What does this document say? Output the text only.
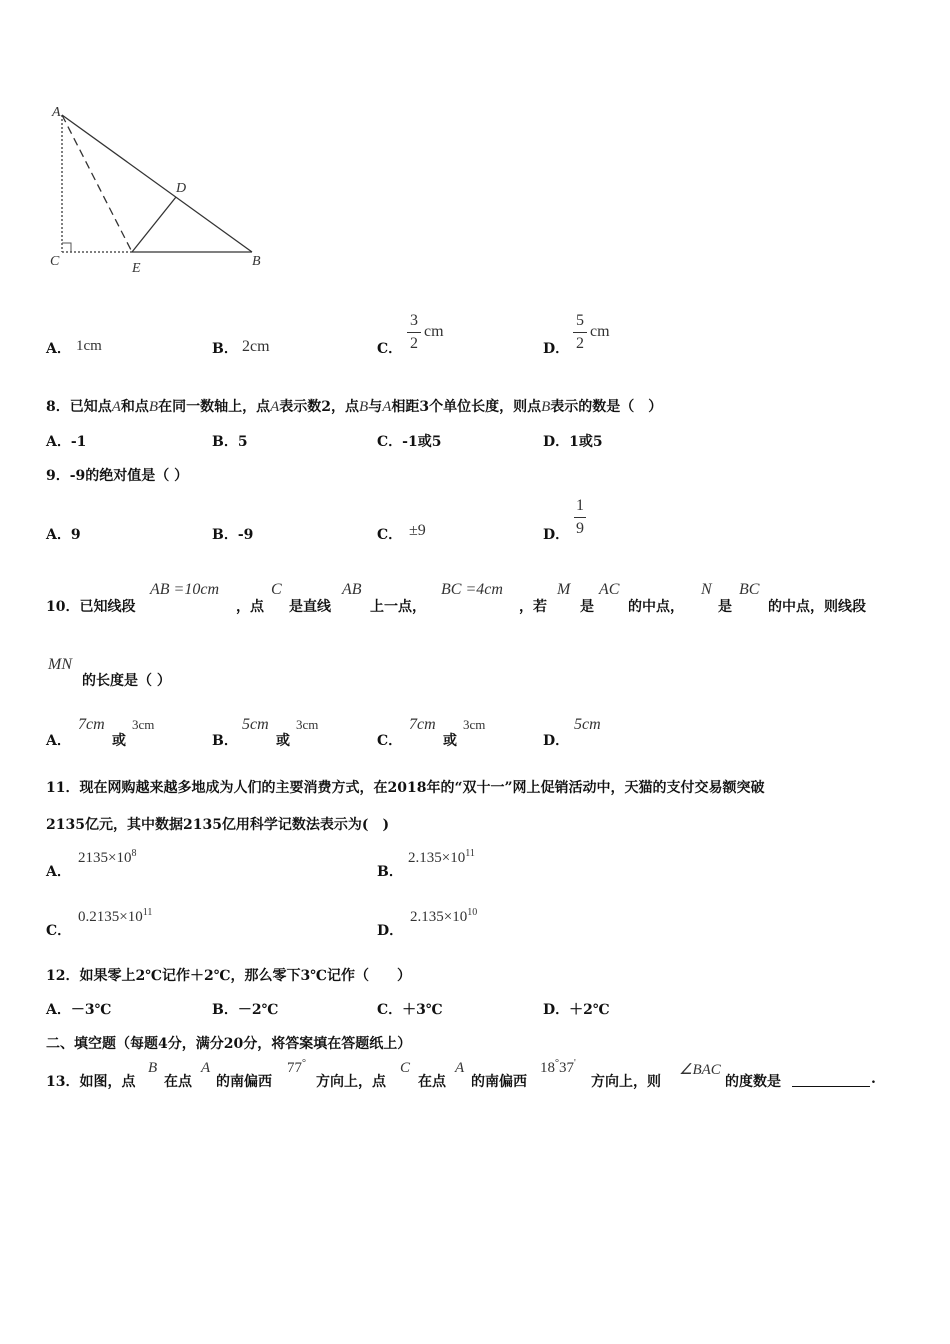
A
C	E	B
D
A． 1cm	B． 2cm	C．
3
2
cm
D．
5
2
cm
8．已知点A和点B在同一数轴上，点A表示数2，点B与A相距3个单位长度，则点B表示的数是（　）
A．-1	B．5	C．-1或5	D．1或5
9．-9的绝对值是（ ）
A．9	B．-9	C． ±9	D．
1
9
10．已知线段
AB =10cm
，点
C
是直线
AB
上一点，
BC =4cm
，若
M
是
AC
的中点，
N
是
BC
的中点，则线段
MN
的长度是（ ）
A．
7cm
或
3cm
B．
5cm
或
3cm
C．
7cm
或
3cm
D．
5cm
11．现在网购越来越多地成为人们的主要消费方式，在2018年的“双十一”网上促销活动中，天猫的支付交易额突破
2135亿元，其中数据2135亿用科学记数法表示为(　)
A．
$2135\times 10^8$
B．
$2.135\times 10^{11}$
C．
$0.2135\times 10^{11}$
D．
$2.135\times 10^{10}$
12．如果零上2℃记作＋2℃，那么零下3℃记作（　　）
A．－3℃	B．－2℃	C．＋3℃	D．＋2℃
二、填空题（每题4分，满分20分，将答案填在答题纸上）
13．如图，点
B
在点
A
的南偏西
77°
方向上，点
C
在点
A
的南偏西
18°37'
方向上，则
∠BAC
的度数是	.
